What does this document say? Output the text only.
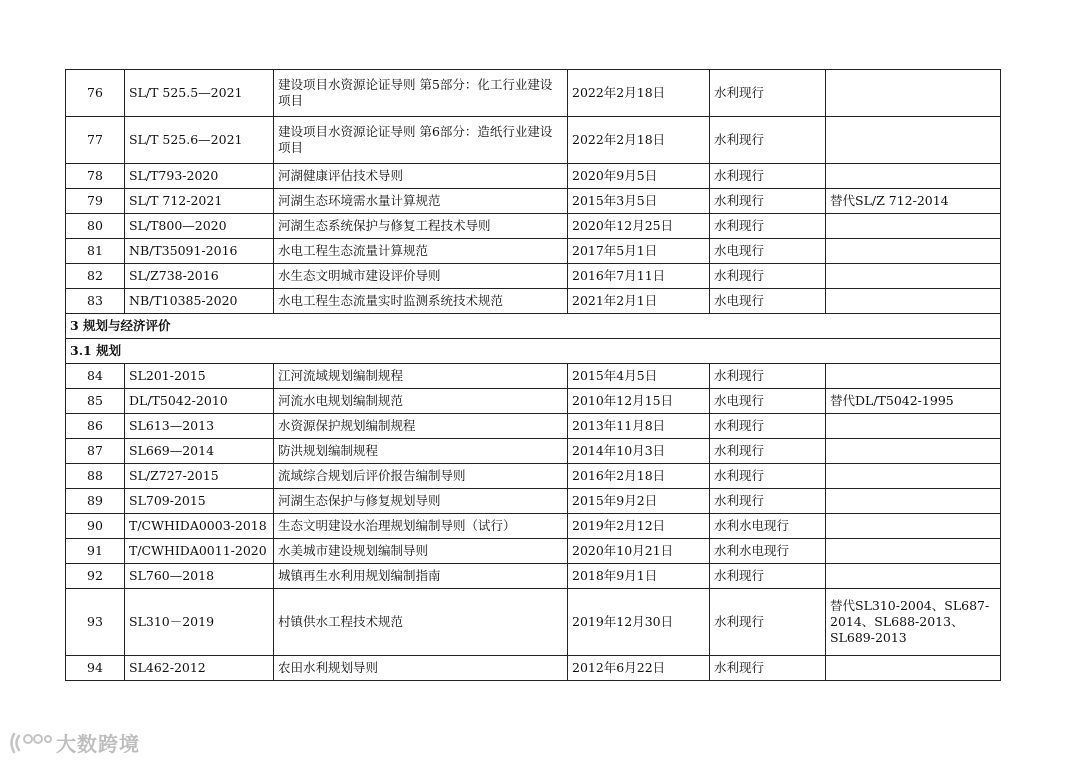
76	SL/T 525.5—2021	建设项目水资源论证导则 第5部分：化工行业建设项目	2022年2月18日	水利现行	
77	SL/T 525.6—2021	建设项目水资源论证导则 第6部分：造纸行业建设项目	2022年2月18日	水利现行	
78	SL/T793-2020	河湖健康评估技术导则	2020年9月5日	水利现行	
79	SL/T 712-2021	河湖生态环境需水量计算规范	2015年3月5日	水利现行	替代SL/Z 712-2014
80	SL/T800—2020	河湖生态系统保护与修复工程技术导则	2020年12月25日	水利现行	
81	NB/T35091-2016	水电工程生态流量计算规范	2017年5月1日	水电现行	
82	SL/Z738-2016	水生态文明城市建设评价导则	2016年7月11日	水利现行	
83	NB/T10385-2020	水电工程生态流量实时监测系统技术规范	2021年2月1日	水电现行	
3 规划与经济评价					
3.1 规划					
84	SL201-2015	江河流域规划编制规程	2015年4月5日	水利现行	
85	DL/T5042-2010	河流水电规划编制规范	2010年12月15日	水电现行	替代DL/T5042-1995
86	SL613—2013	水资源保护规划编制规程	2013年11月8日	水利现行	
87	SL669—2014	防洪规划编制规程	2014年10月3日	水利现行	
88	SL/Z727-2015	流域综合规划后评价报告编制导则	2016年2月18日	水利现行	
89	SL709-2015	河湖生态保护与修复规划导则	2015年9月2日	水利现行	
90	T/CWHIDA0003-2018	生态文明建设水治理规划编制导则（试行）	2019年2月12日	水利水电现行	
91	T/CWHIDA0011-2020	水美城市建设规划编制导则	2020年10月21日	水利水电现行	
92	SL760—2018	城镇再生水利用规划编制指南	2018年9月1日	水利现行	
93	SL310－2019	村镇供水工程技术规范	2019年12月30日	水利现行	替代SL310-2004、SL687-2014、SL688-2013、SL689-2013
94	SL462-2012	农田水利规划导则	2012年6月22日	水利现行	
大数跨境
